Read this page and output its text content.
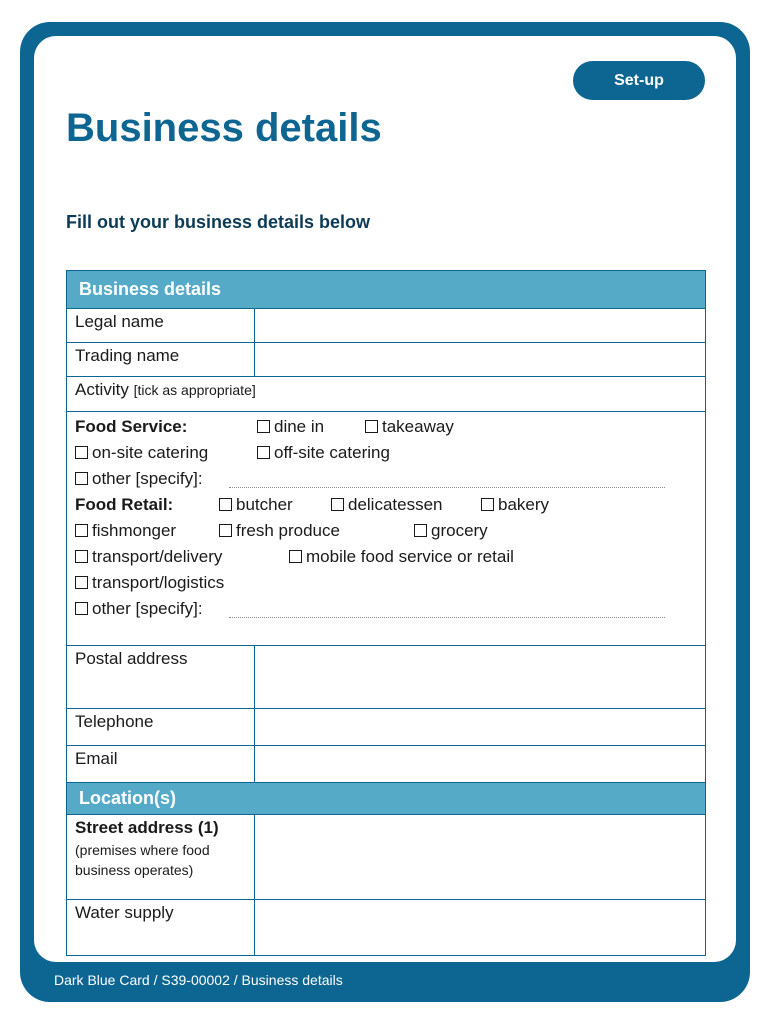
Set-up
Business details
Fill out your business details below
Business details
Legal name
Trading name
Activity [tick as appropriate]
Food Service:	dine in	takeaway
on-site catering	off-site catering
other [specify]:
Food Retail:	butcher	delicatessen	bakery
fishmonger	fresh produce	grocery
transport/delivery	mobile food service or retail
transport/logistics
other [specify]:
Postal address
Telephone
Email
Location(s)
Street address (1)
(premises where food
business operates)
Water supply
Dark Blue Card / S39-00002 / Business details
